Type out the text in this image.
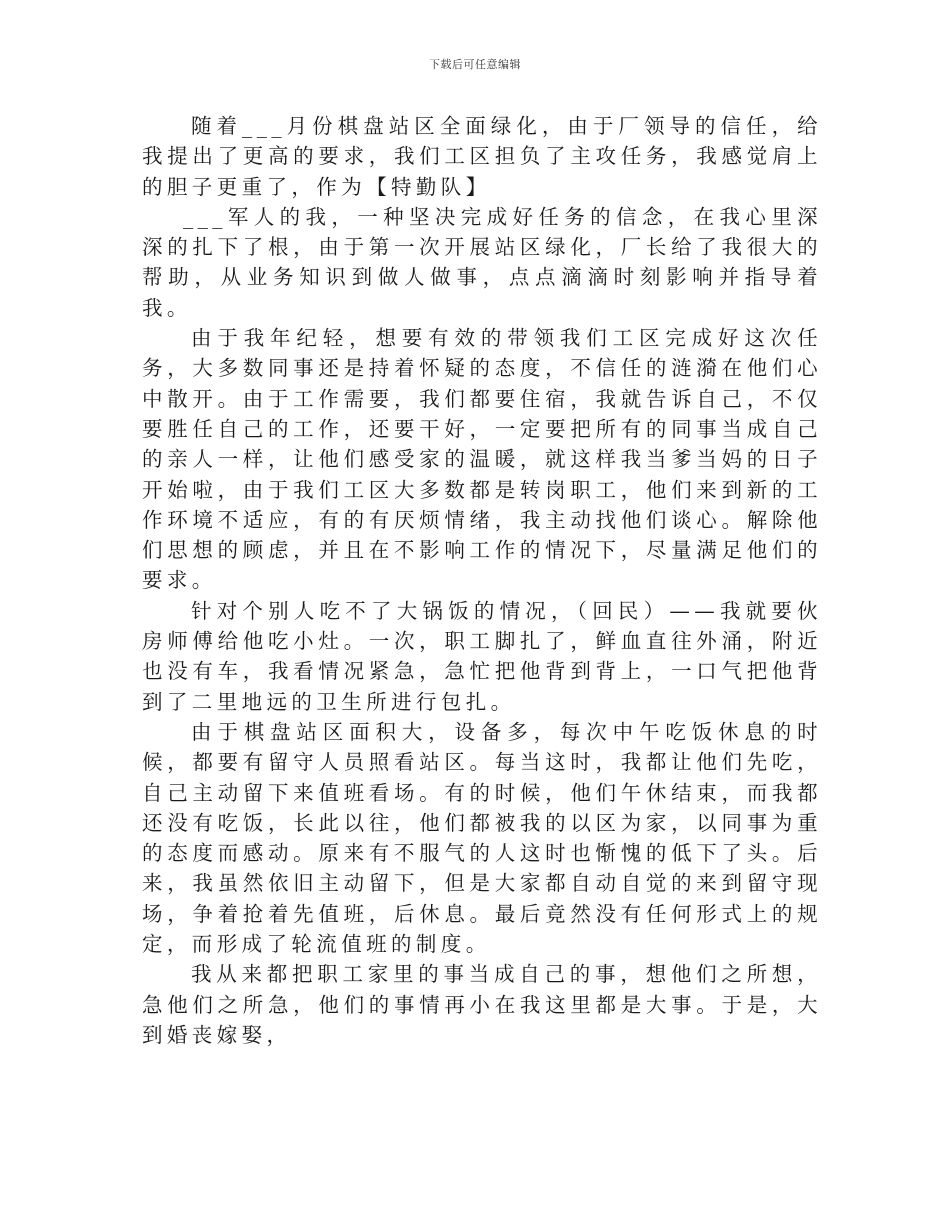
下载后可任意编辑

随着___月份棋盘站区全面绿化，由于厂领导的信任，给我提出了更高的要求，我们工区担负了主攻任务，我感觉肩上的胆子更重了，作为【特勤队】

___军人的我，一种坚决完成好任务的信念，在我心里深深的扎下了根，由于第一次开展站区绿化，厂长给了我很大的帮助，从业务知识到做人做事，点点滴滴时刻影响并指导着我。

由于我年纪轻，想要有效的带领我们工区完成好这次任务，大多数同事还是持着怀疑的态度，不信任的涟漪在他们心中散开。由于工作需要，我们都要住宿，我就告诉自己，不仅要胜任自己的工作，还要干好，一定要把所有的同事当成自己的亲人一样，让他们感受家的温暖，就这样我当爹当妈的日子开始啦，由于我们工区大多数都是转岗职工，他们来到新的工作环境不适应，有的有厌烦情绪，我主动找他们谈心。解除他们思想的顾虑，并且在不影响工作的情况下，尽量满足他们的要求。

针对个别人吃不了大锅饭的情况，（回民）——我就要伙房师傅给他吃小灶。一次，职工脚扎了，鲜血直往外涌，附近也没有车，我看情况紧急，急忙把他背到背上，一口气把他背到了二里地远的卫生所进行包扎。

由于棋盘站区面积大，设备多，每次中午吃饭休息的时候，都要有留守人员照看站区。每当这时，我都让他们先吃，自己主动留下来值班看场。有的时候，他们午休结束，而我都还没有吃饭，长此以往，他们都被我的以区为家，以同事为重的态度而感动。原来有不服气的人这时也惭愧的低下了头。后来，我虽然依旧主动留下，但是大家都自动自觉的来到留守现场，争着抢着先值班，后休息。最后竟然没有任何形式上的规定，而形成了轮流值班的制度。

我从来都把职工家里的事当成自己的事，想他们之所想，急他们之所急，他们的事情再小在我这里都是大事。于是，大到婚丧嫁娶，
